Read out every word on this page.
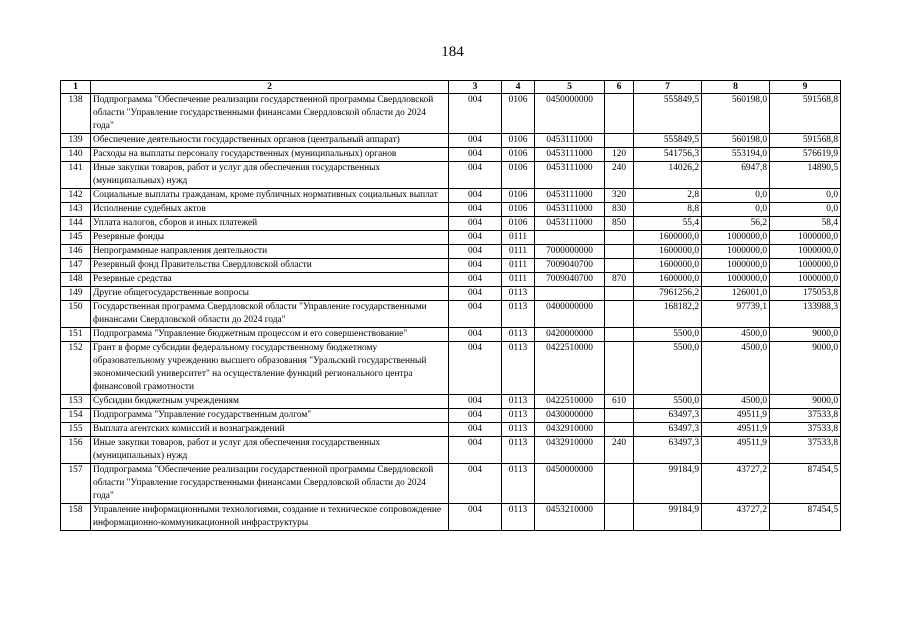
184
1	2	3	4	5	6	7	8	9
138	Подпрограмма "Обеспечение реализации государственной программы Свердловской области "Управление государственными финансами Свердловской области до 2024 года"	004	0106	0450000000		555849,5	560198,0	591568,8
139	Обеспечение деятельности государственных органов (центральный аппарат)	004	0106	0453111000		555849,5	560198,0	591568,8
140	Расходы на выплаты персоналу государственных (муниципальных) органов	004	0106	0453111000	120	541756,3	553194,0	576619,9
141	Иные закупки товаров, работ и услуг для обеспечения государственных (муниципальных) нужд	004	0106	0453111000	240	14026,2	6947,8	14890,5
142	Социальные выплаты гражданам, кроме публичных нормативных социальных выплат	004	0106	0453111000	320	2,8	0,0	0,0
143	Исполнение судебных актов	004	0106	0453111000	830	8,8	0,0	0,0
144	Уплата налогов, сборов и иных платежей	004	0106	0453111000	850	55,4	56,2	58,4
145	Резервные фонды	004	0111			1600000,0	1000000,0	1000000,0
146	Непрограммные направления деятельности	004	0111	7000000000		1600000,0	1000000,0	1000000,0
147	Резервный фонд Правительства Свердловской области	004	0111	7009040700		1600000,0	1000000,0	1000000,0
148	Резервные средства	004	0111	7009040700	870	1600000,0	1000000,0	1000000,0
149	Другие общегосударственные вопросы	004	0113			7961256,2	126001,0	175053,8
150	Государственная программа Свердловской области "Управление государственными финансами Свердловской области до 2024 года"	004	0113	0400000000		168182,2	97739,1	133988,3
151	Подпрограмма "Управление бюджетным процессом и его совершенствование"	004	0113	0420000000		5500,0	4500,0	9000,0
152	Грант в форме субсидии федеральному государственному бюджетному образовательному учреждению высшего образования "Уральский государственный экономический университет" на осуществление функций регионального центра финансовой грамотности	004	0113	0422510000		5500,0	4500,0	9000,0
153	Субсидии бюджетным учреждениям	004	0113	0422510000	610	5500,0	4500,0	9000,0
154	Подпрограмма "Управление государственным долгом"	004	0113	0430000000		63497,3	49511,9	37533,8
155	Выплата агентских комиссий и вознаграждений	004	0113	0432910000		63497,3	49511,9	37533,8
156	Иные закупки товаров, работ и услуг для обеспечения государственных (муниципальных) нужд	004	0113	0432910000	240	63497,3	49511,9	37533,8
157	Подпрограмма "Обеспечение реализации государственной программы Свердловской области "Управление государственными финансами Свердловской области до 2024 года"	004	0113	0450000000		99184,9	43727,2	87454,5
158	Управление информационными технологиями, создание и техническое сопровождение информационно-коммуникационной инфраструктуры	004	0113	0453210000		99184,9	43727,2	87454,5
